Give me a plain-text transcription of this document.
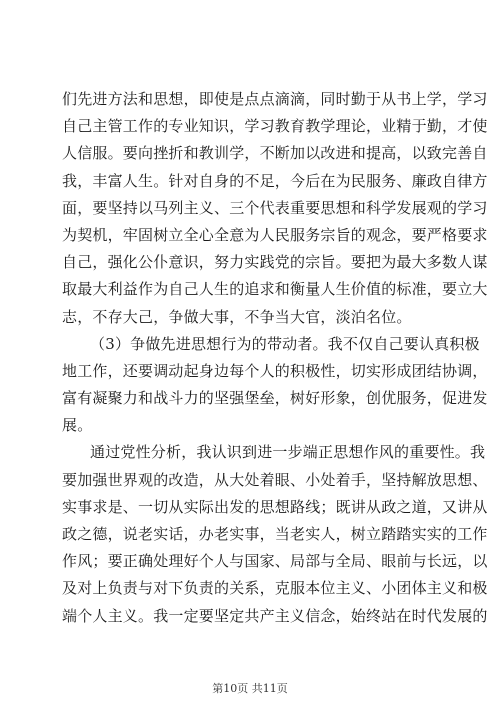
们先进方法和思想，即使是点点滴滴，同时勤于从书上学，学习
自己主管工作的专业知识，学习教育教学理论，业精于勤，才使
人信服。要向挫折和教训学，不断加以改进和提高，以致完善自
我，丰富人生。针对自身的不足，今后在为民服务、廉政自律方
面，要坚持以马列主义、三个代表重要思想和科学发展观的学习
为契机，牢固树立全心全意为人民服务宗旨的观念，要严格要求
自己，强化公仆意识，努力实践党的宗旨。要把为最大多数人谋
取最大利益作为自己人生的追求和衡量人生价值的标准，要立大
志，不存大己，争做大事，不争当大官，淡泊名位。
（3）争做先进思想行为的带动者。我不仅自己要认真积极
地工作，还要调动起身边每个人的积极性，切实形成团结协调，
富有凝聚力和战斗力的坚强堡垒，树好形象，创优服务，促进发
展。
通过党性分析，我认识到进一步端正思想作风的重要性。我
要加强世界观的改造，从大处着眼、小处着手，坚持解放思想、
实事求是、一切从实际出发的思想路线；既讲从政之道，又讲从
政之德，说老实话，办老实事，当老实人，树立踏踏实实的工作
作风；要正确处理好个人与国家、局部与全局、眼前与长远，以
及对上负责与对下负责的关系，克服本位主义、小团体主义和极
端个人主义。我一定要坚定共产主义信念，始终站在时代发展的
第10页 共11页
